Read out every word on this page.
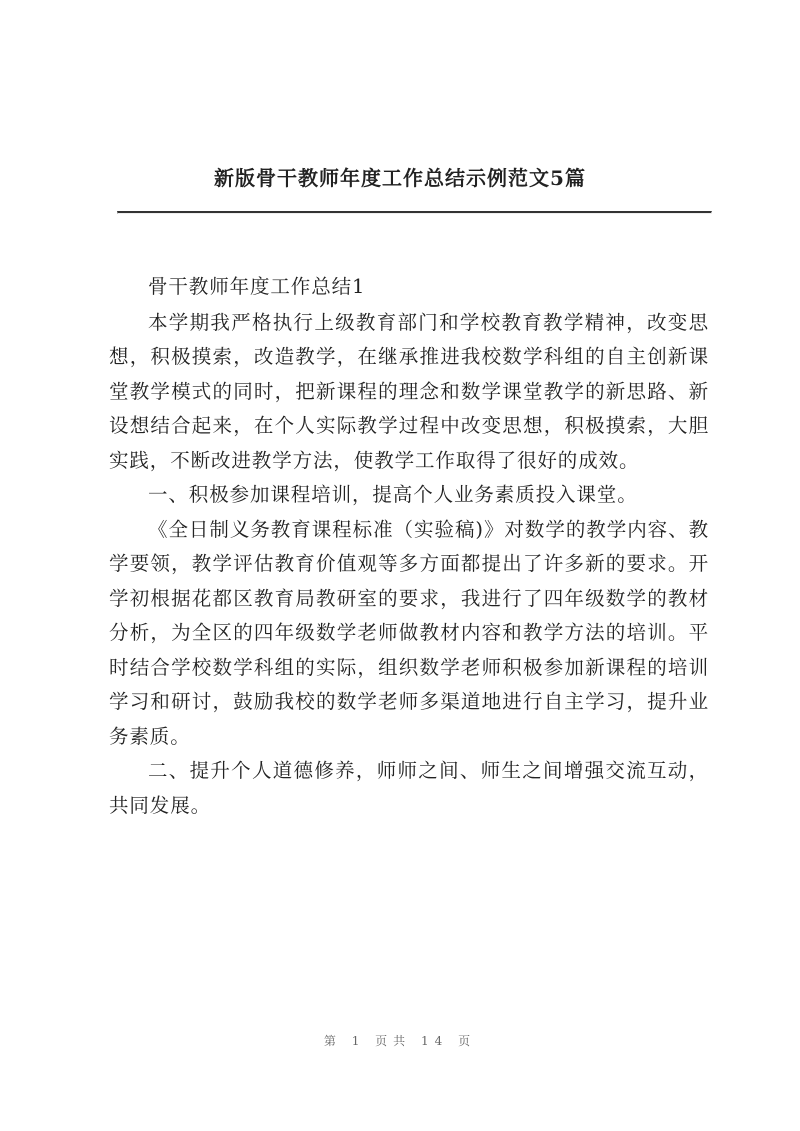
新版骨干教师年度工作总结示例范文5篇

骨干教师年度工作总结1

本学期我严格执行上级教育部门和学校教育教学精神，改变思想，积极摸索，改造教学，在继承推进我校数学科组的自主创新课堂教学模式的同时，把新课程的理念和数学课堂教学的新思路、新设想结合起来，在个人实际教学过程中改变思想，积极摸索，大胆实践，不断改进教学方法，使教学工作取得了很好的成效。

一、积极参加课程培训，提高个人业务素质投入课堂。

《全日制义务教育课程标准（实验稿)》对数学的教学内容、教学要领，教学评估教育价值观等多方面都提出了许多新的要求。开学初根据花都区教育局教研室的要求，我进行了四年级数学的教材分析，为全区的四年级数学老师做教材内容和教学方法的培训。平时结合学校数学科组的实际，组织数学老师积极参加新课程的培训学习和研讨，鼓励我校的数学老师多渠道地进行自主学习，提升业务素质。

二、提升个人道德修养，师师之间、师生之间增强交流互动，共同发展。

第 1 页共 14 页
